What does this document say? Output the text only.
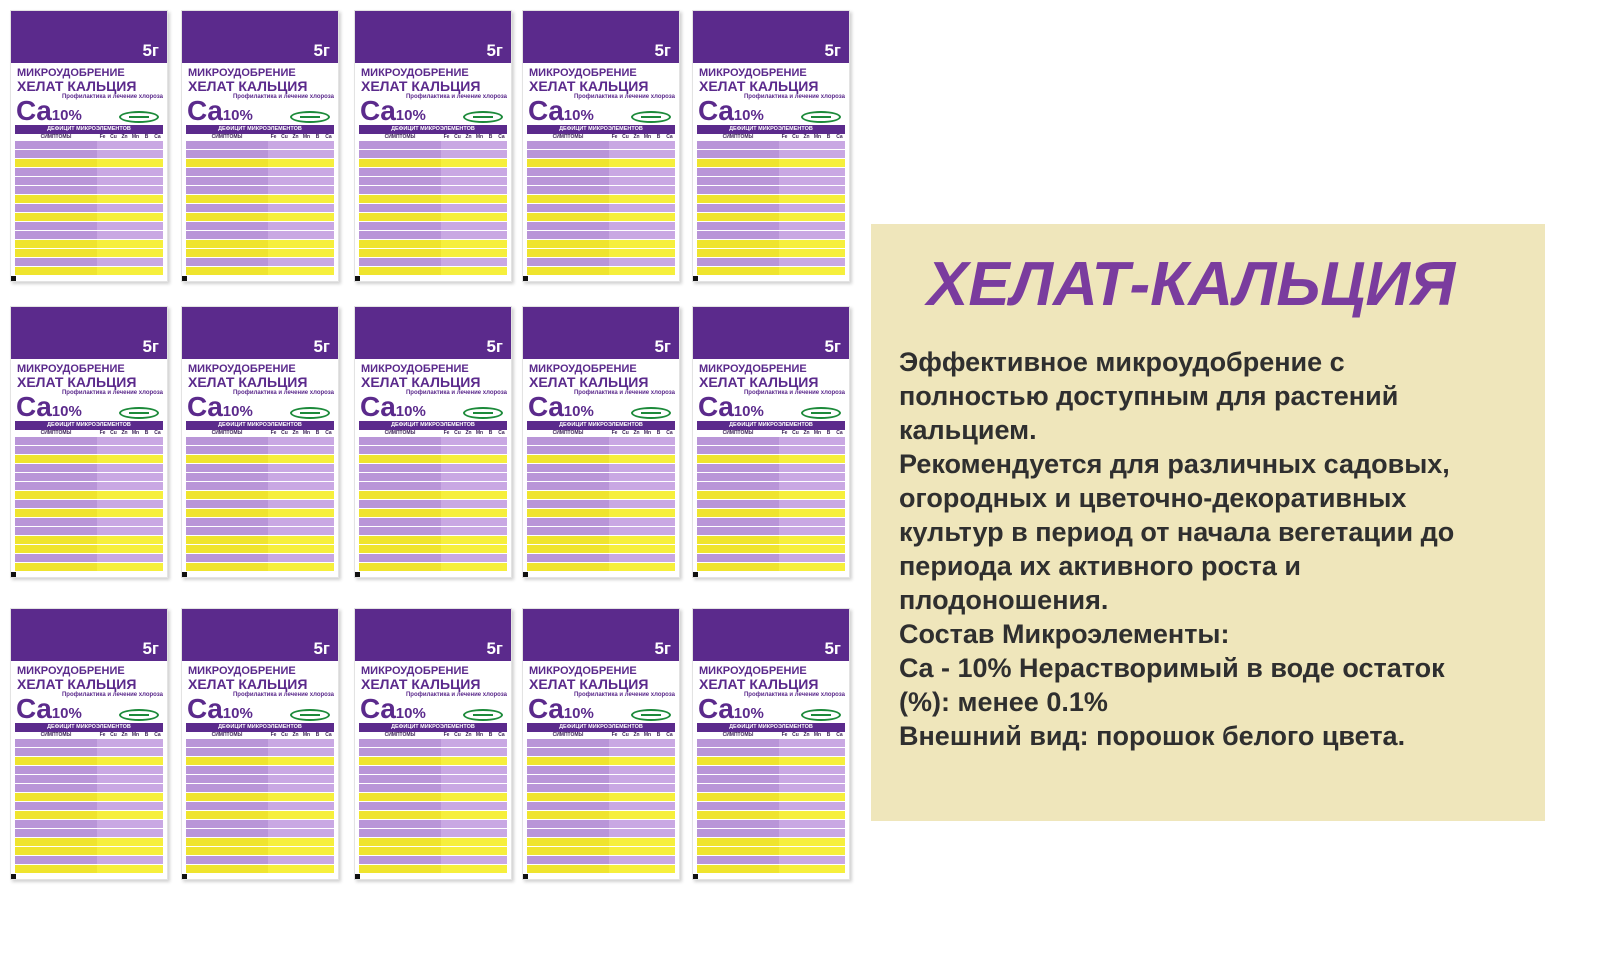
5г
МИКРОУДОБРЕНИЕ
ХЕЛАТ КАЛЬЦИЯ
Профилактика и лечение хлороза
Ca10%
ДЕФИЦИТ МИКРОЭЛЕМЕНТОВ
СИМПТОМЫ	Fe Cu Zn Mn	B	Ca
5г
МИКРОУДОБРЕНИЕ
ХЕЛАТ КАЛЬЦИЯ
Профилактика и лечение хлороза
Ca10%
ДЕФИЦИТ МИКРОЭЛЕМЕНТОВ
СИМПТОМЫ	Fe Cu Zn Mn	B	Ca
5г
МИКРОУДОБРЕНИЕ
ХЕЛАТ КАЛЬЦИЯ
Профилактика и лечение хлороза
Ca10%
ДЕФИЦИТ МИКРОЭЛЕМЕНТОВ
СИМПТОМЫ	Fe Cu Zn Mn	B	Ca
5г
МИКРОУДОБРЕНИЕ
ХЕЛАТ КАЛЬЦИЯ
Профилактика и лечение хлороза
Ca10%
ДЕФИЦИТ МИКРОЭЛЕМЕНТОВ
СИМПТОМЫ	Fe Cu Zn Mn	B	Ca
5г
МИКРОУДОБРЕНИЕ
ХЕЛАТ КАЛЬЦИЯ
Профилактика и лечение хлороза
Ca10%
ДЕФИЦИТ МИКРОЭЛЕМЕНТОВ
СИМПТОМЫ	Fe Cu Zn Mn	B	Ca
5г
МИКРОУДОБРЕНИЕ
ХЕЛАТ КАЛЬЦИЯ
Профилактика и лечение хлороза
Ca10%
ДЕФИЦИТ МИКРОЭЛЕМЕНТОВ
СИМПТОМЫ	Fe Cu Zn Mn	B	Ca
5г
МИКРОУДОБРЕНИЕ
ХЕЛАТ КАЛЬЦИЯ
Профилактика и лечение хлороза
Ca10%
ДЕФИЦИТ МИКРОЭЛЕМЕНТОВ
СИМПТОМЫ	Fe Cu Zn Mn	B	Ca
5г
МИКРОУДОБРЕНИЕ
ХЕЛАТ КАЛЬЦИЯ
Профилактика и лечение хлороза
Ca10%
ДЕФИЦИТ МИКРОЭЛЕМЕНТОВ
СИМПТОМЫ	Fe Cu Zn Mn	B	Ca
5г
МИКРОУДОБРЕНИЕ
ХЕЛАТ КАЛЬЦИЯ
Профилактика и лечение хлороза
Ca10%
ДЕФИЦИТ МИКРОЭЛЕМЕНТОВ
СИМПТОМЫ	Fe Cu Zn Mn	B	Ca
5г
МИКРОУДОБРЕНИЕ
ХЕЛАТ КАЛЬЦИЯ
Профилактика и лечение хлороза
Ca10%
ДЕФИЦИТ МИКРОЭЛЕМЕНТОВ
СИМПТОМЫ	Fe Cu Zn Mn	B	Ca
5г
МИКРОУДОБРЕНИЕ
ХЕЛАТ КАЛЬЦИЯ
Профилактика и лечение хлороза
Ca10%
ДЕФИЦИТ МИКРОЭЛЕМЕНТОВ
СИМПТОМЫ	Fe Cu Zn Mn	B	Ca
5г
МИКРОУДОБРЕНИЕ
ХЕЛАТ КАЛЬЦИЯ
Профилактика и лечение хлороза
Ca10%
ДЕФИЦИТ МИКРОЭЛЕМЕНТОВ
СИМПТОМЫ	Fe Cu Zn Mn	B	Ca
5г
МИКРОУДОБРЕНИЕ
ХЕЛАТ КАЛЬЦИЯ
Профилактика и лечение хлороза
Ca10%
ДЕФИЦИТ МИКРОЭЛЕМЕНТОВ
СИМПТОМЫ	Fe Cu Zn Mn	B	Ca
5г
МИКРОУДОБРЕНИЕ
ХЕЛАТ КАЛЬЦИЯ
Профилактика и лечение хлороза
Ca10%
ДЕФИЦИТ МИКРОЭЛЕМЕНТОВ
СИМПТОМЫ	Fe Cu Zn Mn	B	Ca
5г
МИКРОУДОБРЕНИЕ
ХЕЛАТ КАЛЬЦИЯ
Профилактика и лечение хлороза
Ca10%
ДЕФИЦИТ МИКРОЭЛЕМЕНТОВ
СИМПТОМЫ	Fe Cu Zn Mn	B	Ca
ХЕЛАТ-КАЛЬЦИЯ

Эффективное микроудобрение с

полностью доступным для растений

кальцием.

Рекомендуется для различных садовых,

огородных и цветочно-декоративных

культур в период от начала вегетации до

периода их активного роста и

плодоношения.

Состав Микроэлементы:

Ca - 10% Нерастворимый в воде остаток

(%): менее 0.1%

Внешний вид: порошок белого цвета.
